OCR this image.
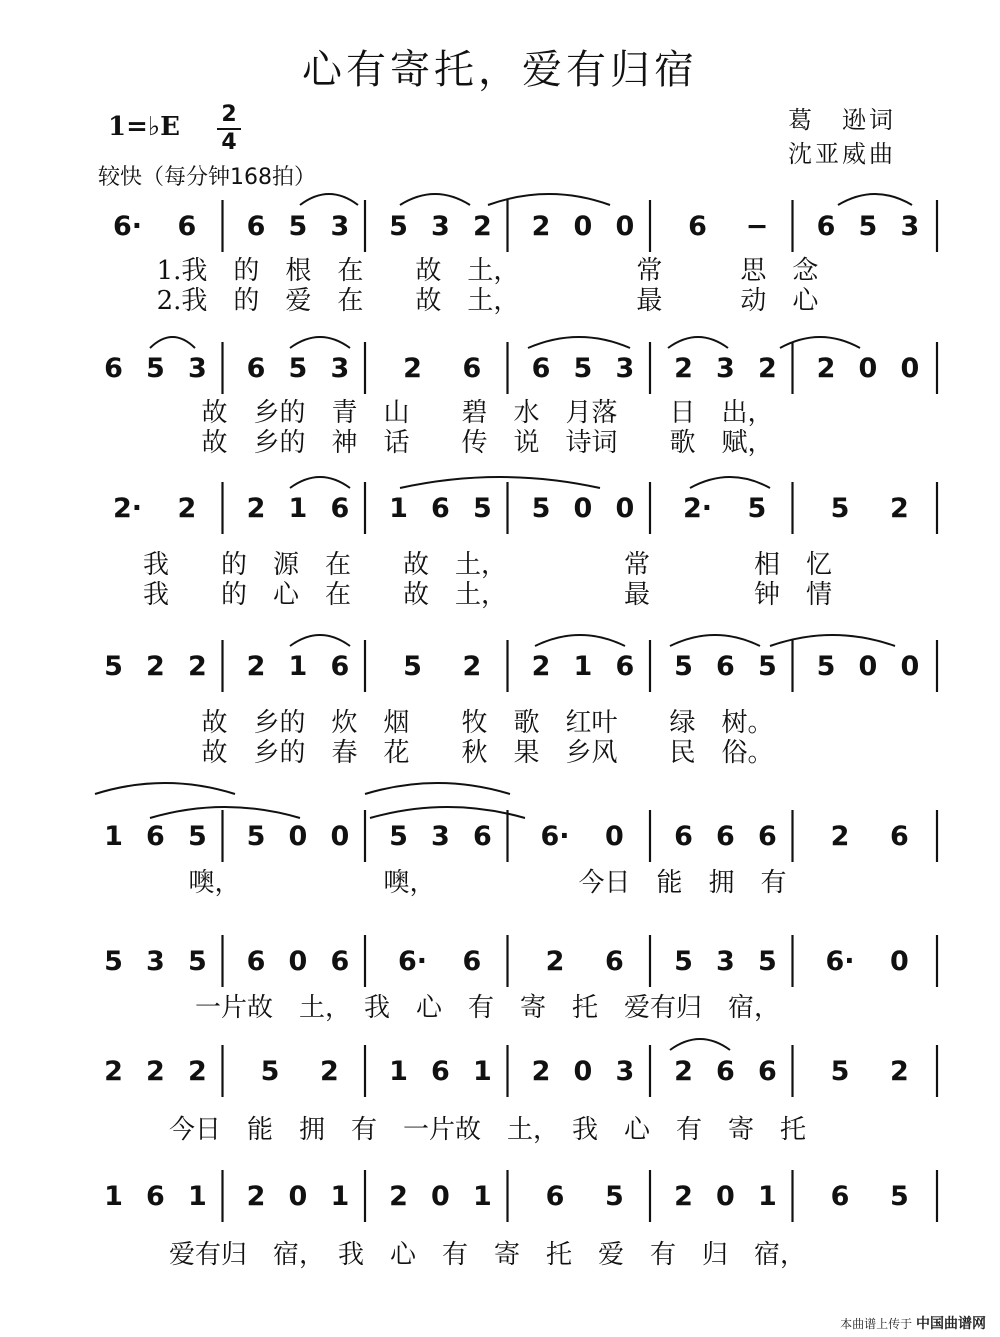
心有寄托，爱有归宿
1=♭E	2
4
较快（每分钟168拍）
葛　逊词
沈亚威曲
6· 6 6 5 3 5 3 2 2 0 0 6 − 6 5 3
1.我　的　根　在　　故　土，　　　　　常　　　思　念
2.我　的　爱　在　　故　土，　　　　　最　　　动　心
6 5 3 6 5 3 2 6 6 5 3 2 3 2 2 0 0
故　乡的　青　山　　碧　水　月落　　日　出，
故　乡的　神　话　　传　说　诗词　　歌　赋，
2· 2 2 1 6 1 6 5 5 0 0 2· 5 5 2
我　　的　源　在　　故　土，　　　　　常　　　　相　忆
我　　的　心　在　　故　土，　　　　　最　　　　钟　情
5 2 2 2 1 6 5 2 2 1 6 5 6 5 5 0 0
故　乡的　炊　烟　　牧　歌　红叶　　绿　树。
故　乡的　春　花　　秋　果　乡风　　民　俗。
1 6 5 5 0 0 5 3 6 6· 0 6 6 6 2 6
噢，　　　　　　噢，　　　　　　今日　能　拥　有
5 3 5 6 0 6 6· 6 2 6 5 3 5 6· 0
一片故　土，　我　心　有　寄　托　爱有归　宿，
2 2 2 5 2 1 6 1 2 0 3 2 6 6 5 2
今日　能　拥　有　一片故　土，　我　心　有　寄　托
1 6 1 2 0 1 2 0 1 6 5 2 0 1 6 5
爱有归　宿，　我　心　有　寄　托　爱　有　归　宿，
本曲谱上传于 中国曲谱网
